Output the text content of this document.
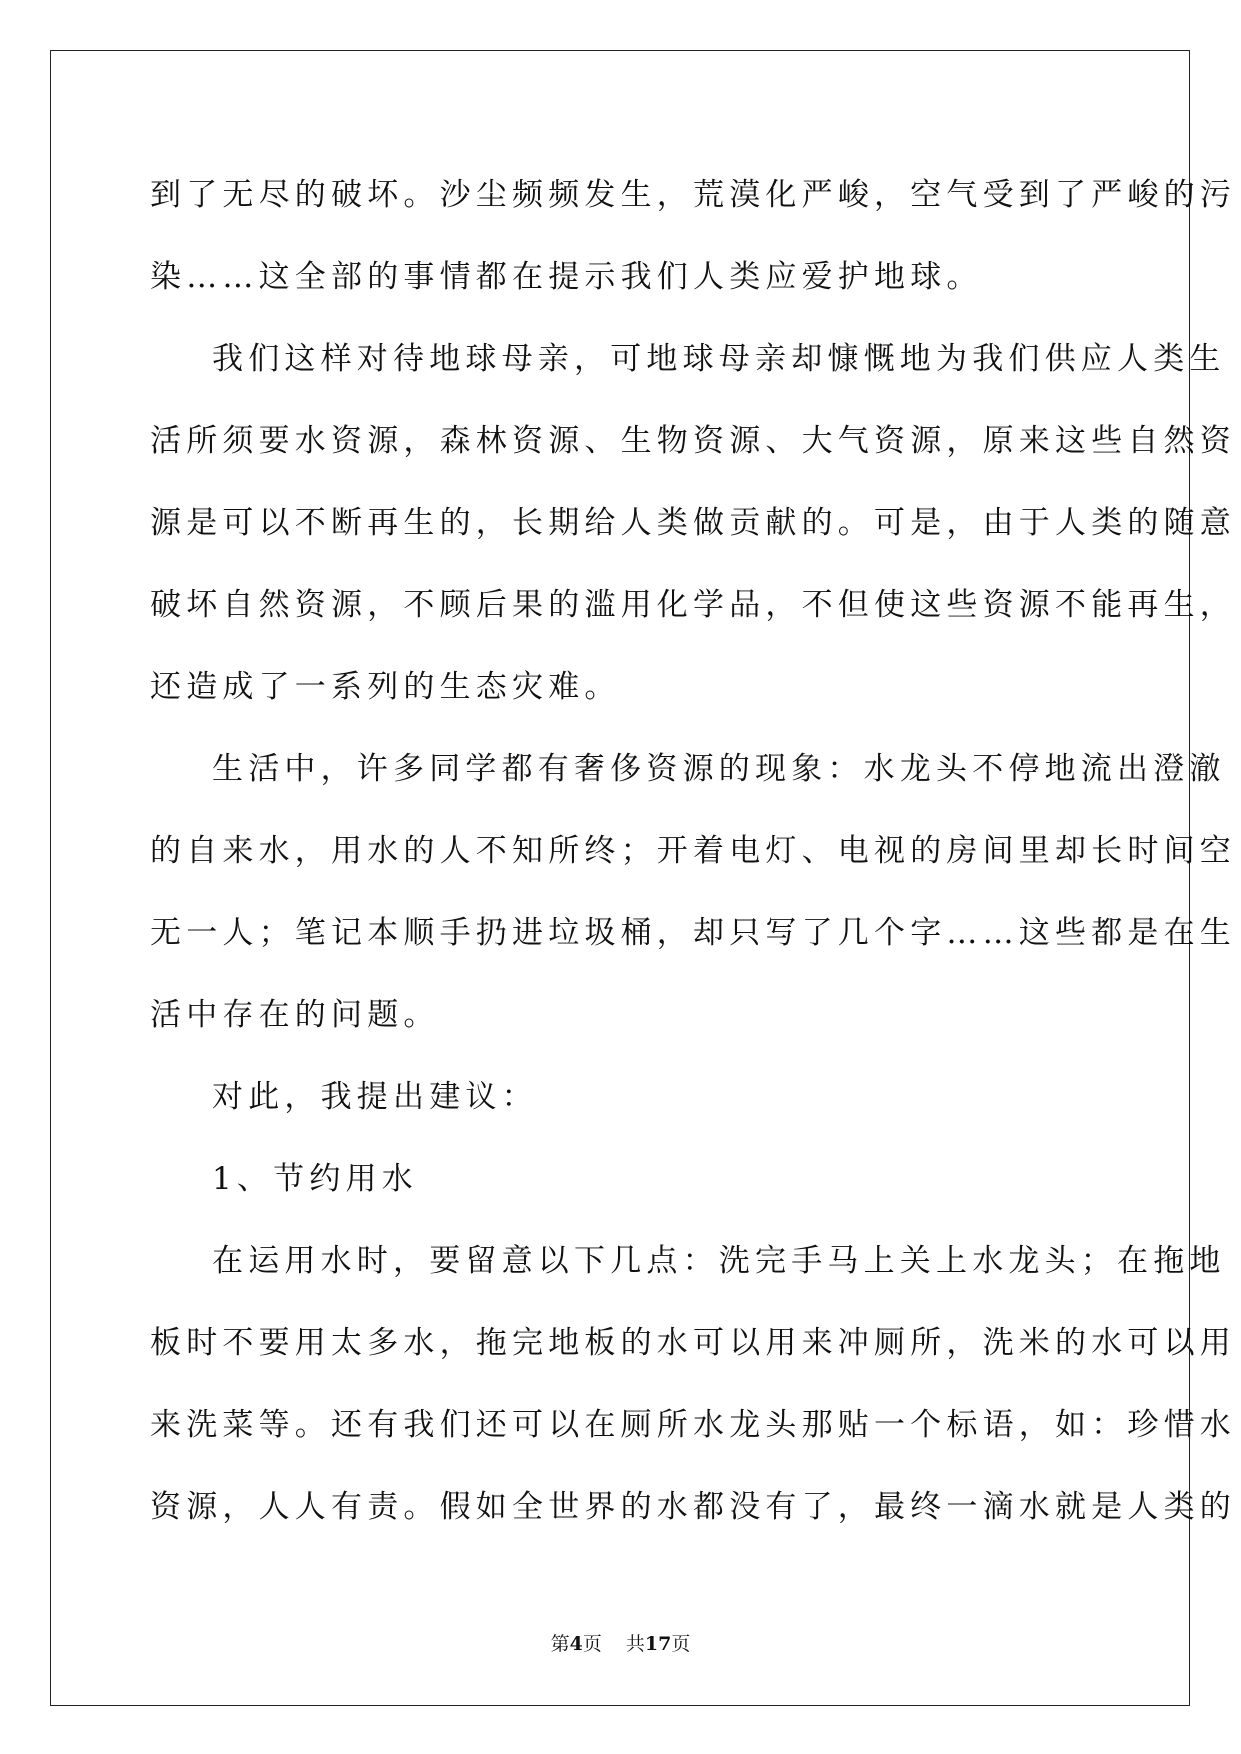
到了无尽的破坏。沙尘频频发生，荒漠化严峻，空气受到了严峻的污
染……这全部的事情都在提示我们人类应爱护地球。
我们这样对待地球母亲，可地球母亲却慷慨地为我们供应人类生
活所须要水资源，森林资源、生物资源、大气资源，原来这些自然资
源是可以不断再生的，长期给人类做贡献的。可是，由于人类的随意
破坏自然资源，不顾后果的滥用化学品，不但使这些资源不能再生，
还造成了一系列的生态灾难。
生活中，许多同学都有奢侈资源的现象：水龙头不停地流出澄澈
的自来水，用水的人不知所终；开着电灯、电视的房间里却长时间空
无一人；笔记本顺手扔进垃圾桶，却只写了几个字……这些都是在生
活中存在的问题。
对此，我提出建议：
1、节约用水
在运用水时，要留意以下几点：洗完手马上关上水龙头；在拖地
板时不要用太多水，拖完地板的水可以用来冲厕所，洗米的水可以用
来洗菜等。还有我们还可以在厕所水龙头那贴一个标语，如：珍惜水
资源，人人有责。假如全世界的水都没有了，最终一滴水就是人类的
第4页 共17页
